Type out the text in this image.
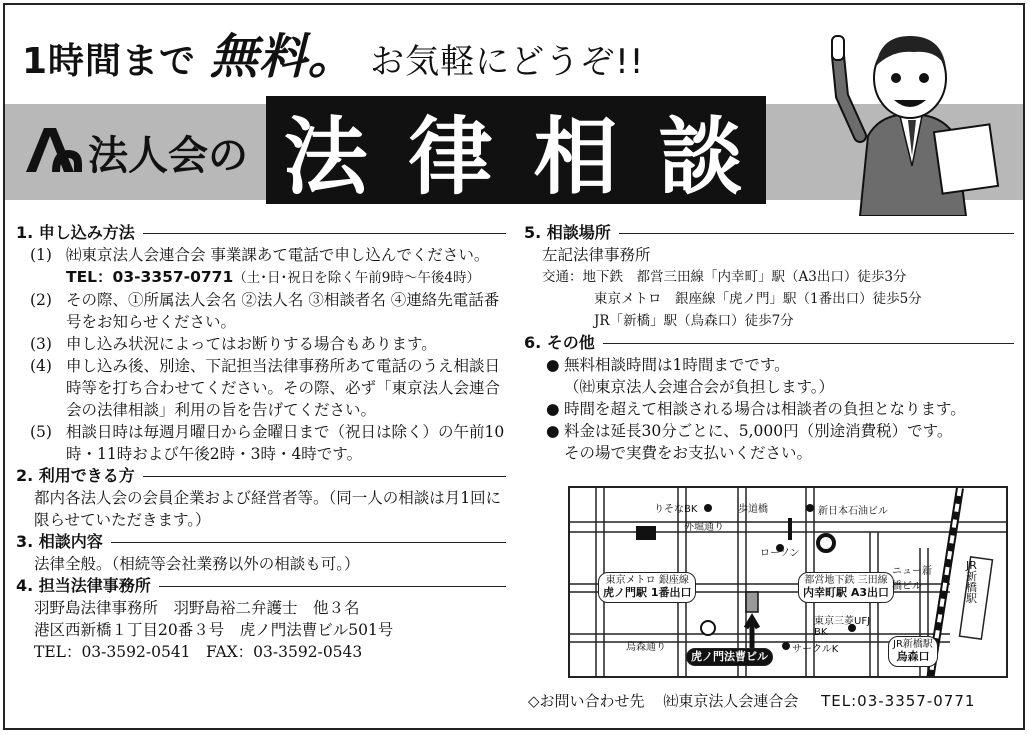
1時間まで 無料。 お気軽にどうぞ!!
法人会の 法 律 相 談
1. 申し込み方法
(1) ㈳東京法人会連合会 事業課あて電話で申し込んでください。
TEL：03-3357-0771（土･日･祝日を除く午前9時〜午後4時）
(2) その際、①所属法人会名 ②法人名 ③相談者名 ④連絡先電話番号をお知らせください。
(3) 申し込み状況によってはお断りする場合もあります。
(4) 申し込み後、別途、下記担当法律事務所あて電話のうえ相談日時等を打ち合わせてください。その際、必ず「東京法人会連合会の法律相談」利用の旨を告げてください。
(5) 相談日時は毎週月曜日から金曜日まで（祝日は除く）の午前10時・11時および午後2時・3時・4時です。
2. 利用できる方
都内各法人会の会員企業および経営者等。（同一人の相談は月1回に限らせていただきます。）
3. 相談内容
法律全般。（相続等会社業務以外の相談も可。）
4. 担当法律事務所
羽野島法律事務所　羽野島裕二弁護士　他３名
港区西新橋１丁目20番３号　虎ノ門法曹ビル501号
TEL：03-3592-0541　FAX：03-3592-0543
5. 相談場所
左記法律事務所
交通：地下鉄　都営三田線「内幸町」駅（A3出口）徒歩3分
東京メトロ　銀座線「虎ノ門」駅（1番出口）徒歩5分
JR「新橋」駅（烏森口）徒歩7分
6. その他
● 無料相談時間は1時間までです。
（㈳東京法人会連合会が負担します。）
● 時間を超えて相談される場合は相談者の負担となります。
● 料金は延長30分ごとに、5,000円（別途消費税）です。
その場で実費をお支払いください。
りそなBK	歩道橋	新日本石油ビル
外堀通り
ローソン
東京メトロ 銀座線
虎ノ門駅 1番出口
都営地下鉄 三田線
内幸町駅 A3出口
ニュー新橋ビル
JR新橋駅
東京三菱UFJ BK
烏森通り	サークルK
虎ノ門法曹ビル
JR新橋駅
烏森口
◇お問い合わせ先 ㈳東京法人会連合会 TEL:03-3357-0771
